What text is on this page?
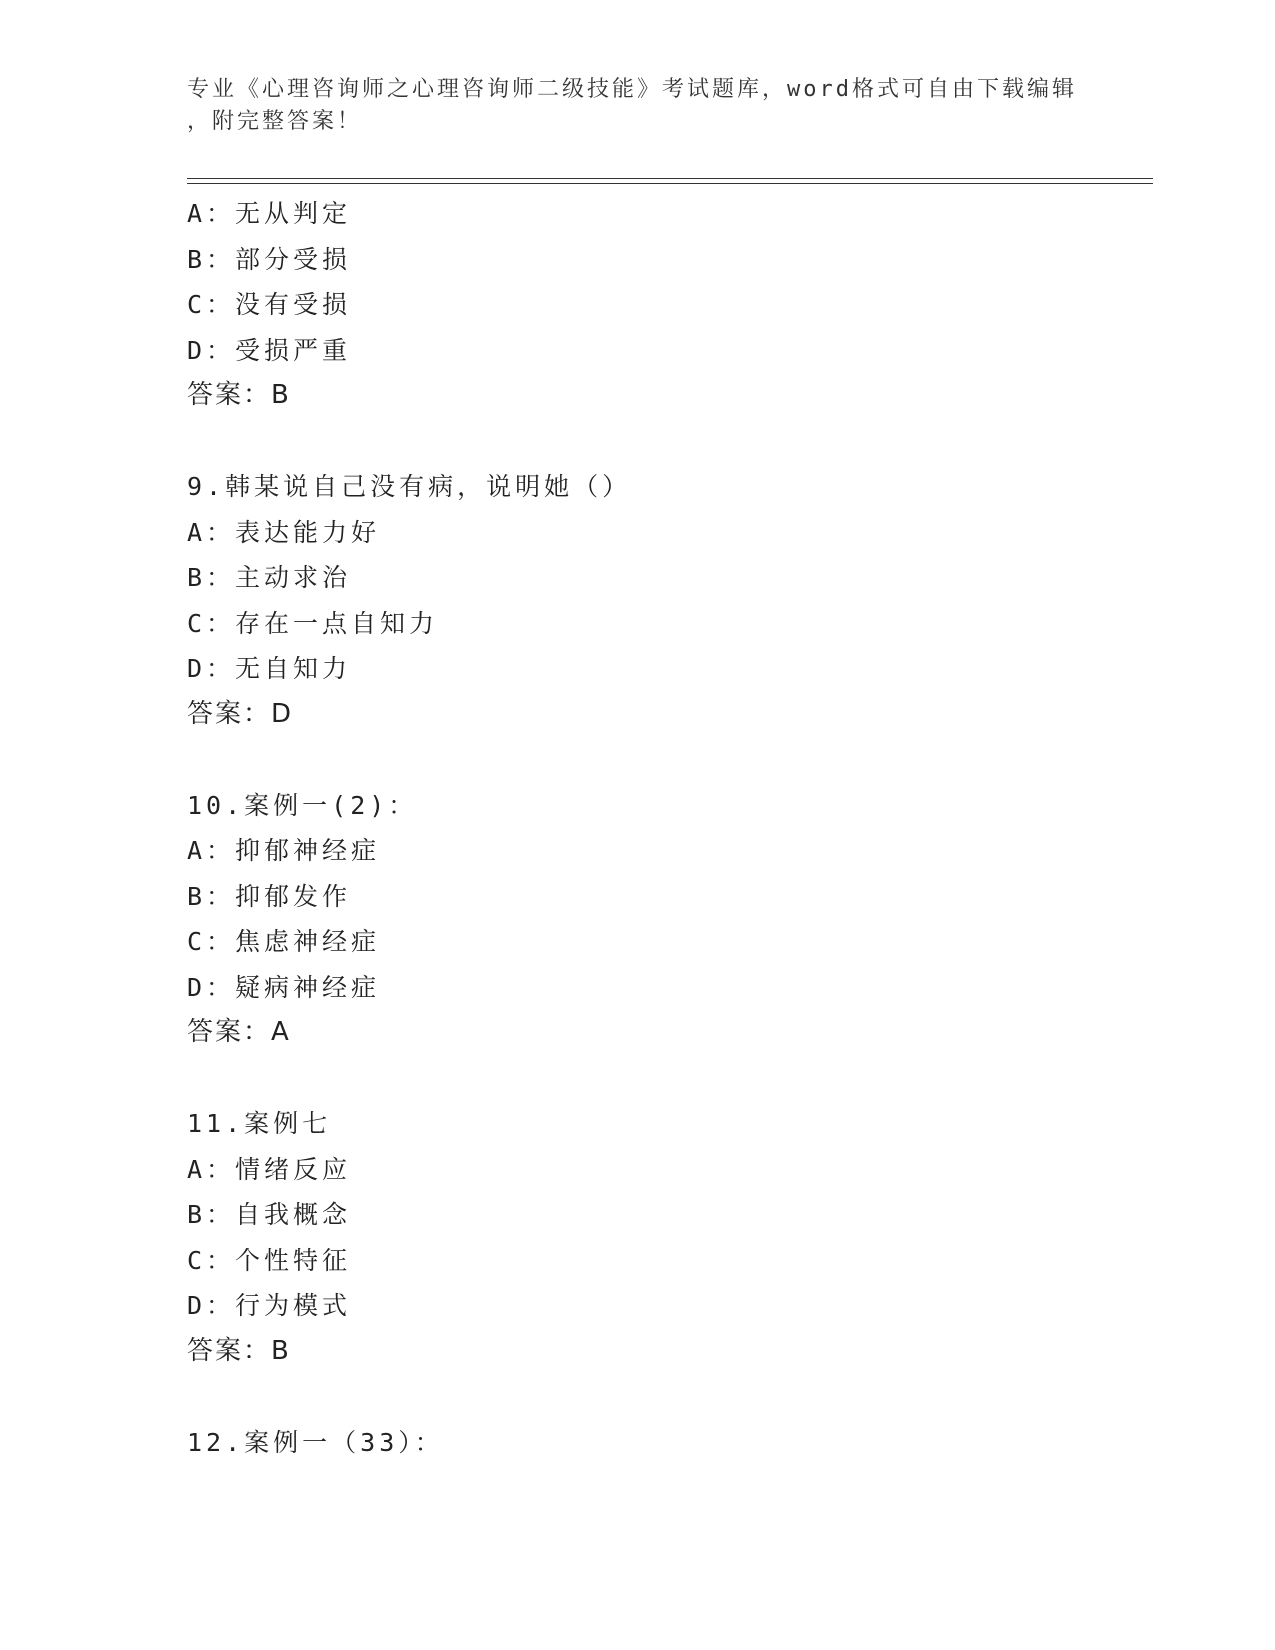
专业《心理咨询师之心理咨询师二级技能》考试题库，word格式可自由下载编辑
，附完整答案！
A：无从判定
B：部分受损
C：没有受损
D：受损严重
答案：B
9.韩某说自己没有病，说明她（）
A：表达能力好
B：主动求治
C：存在一点自知力
D：无自知力
答案：D
10.案例一(2)：
A：抑郁神经症
B：抑郁发作
C：焦虑神经症
D：疑病神经症
答案：A
11.案例七
A：情绪反应
B：自我概念
C：个性特征
D：行为模式
答案：B
12.案例一（33）：
